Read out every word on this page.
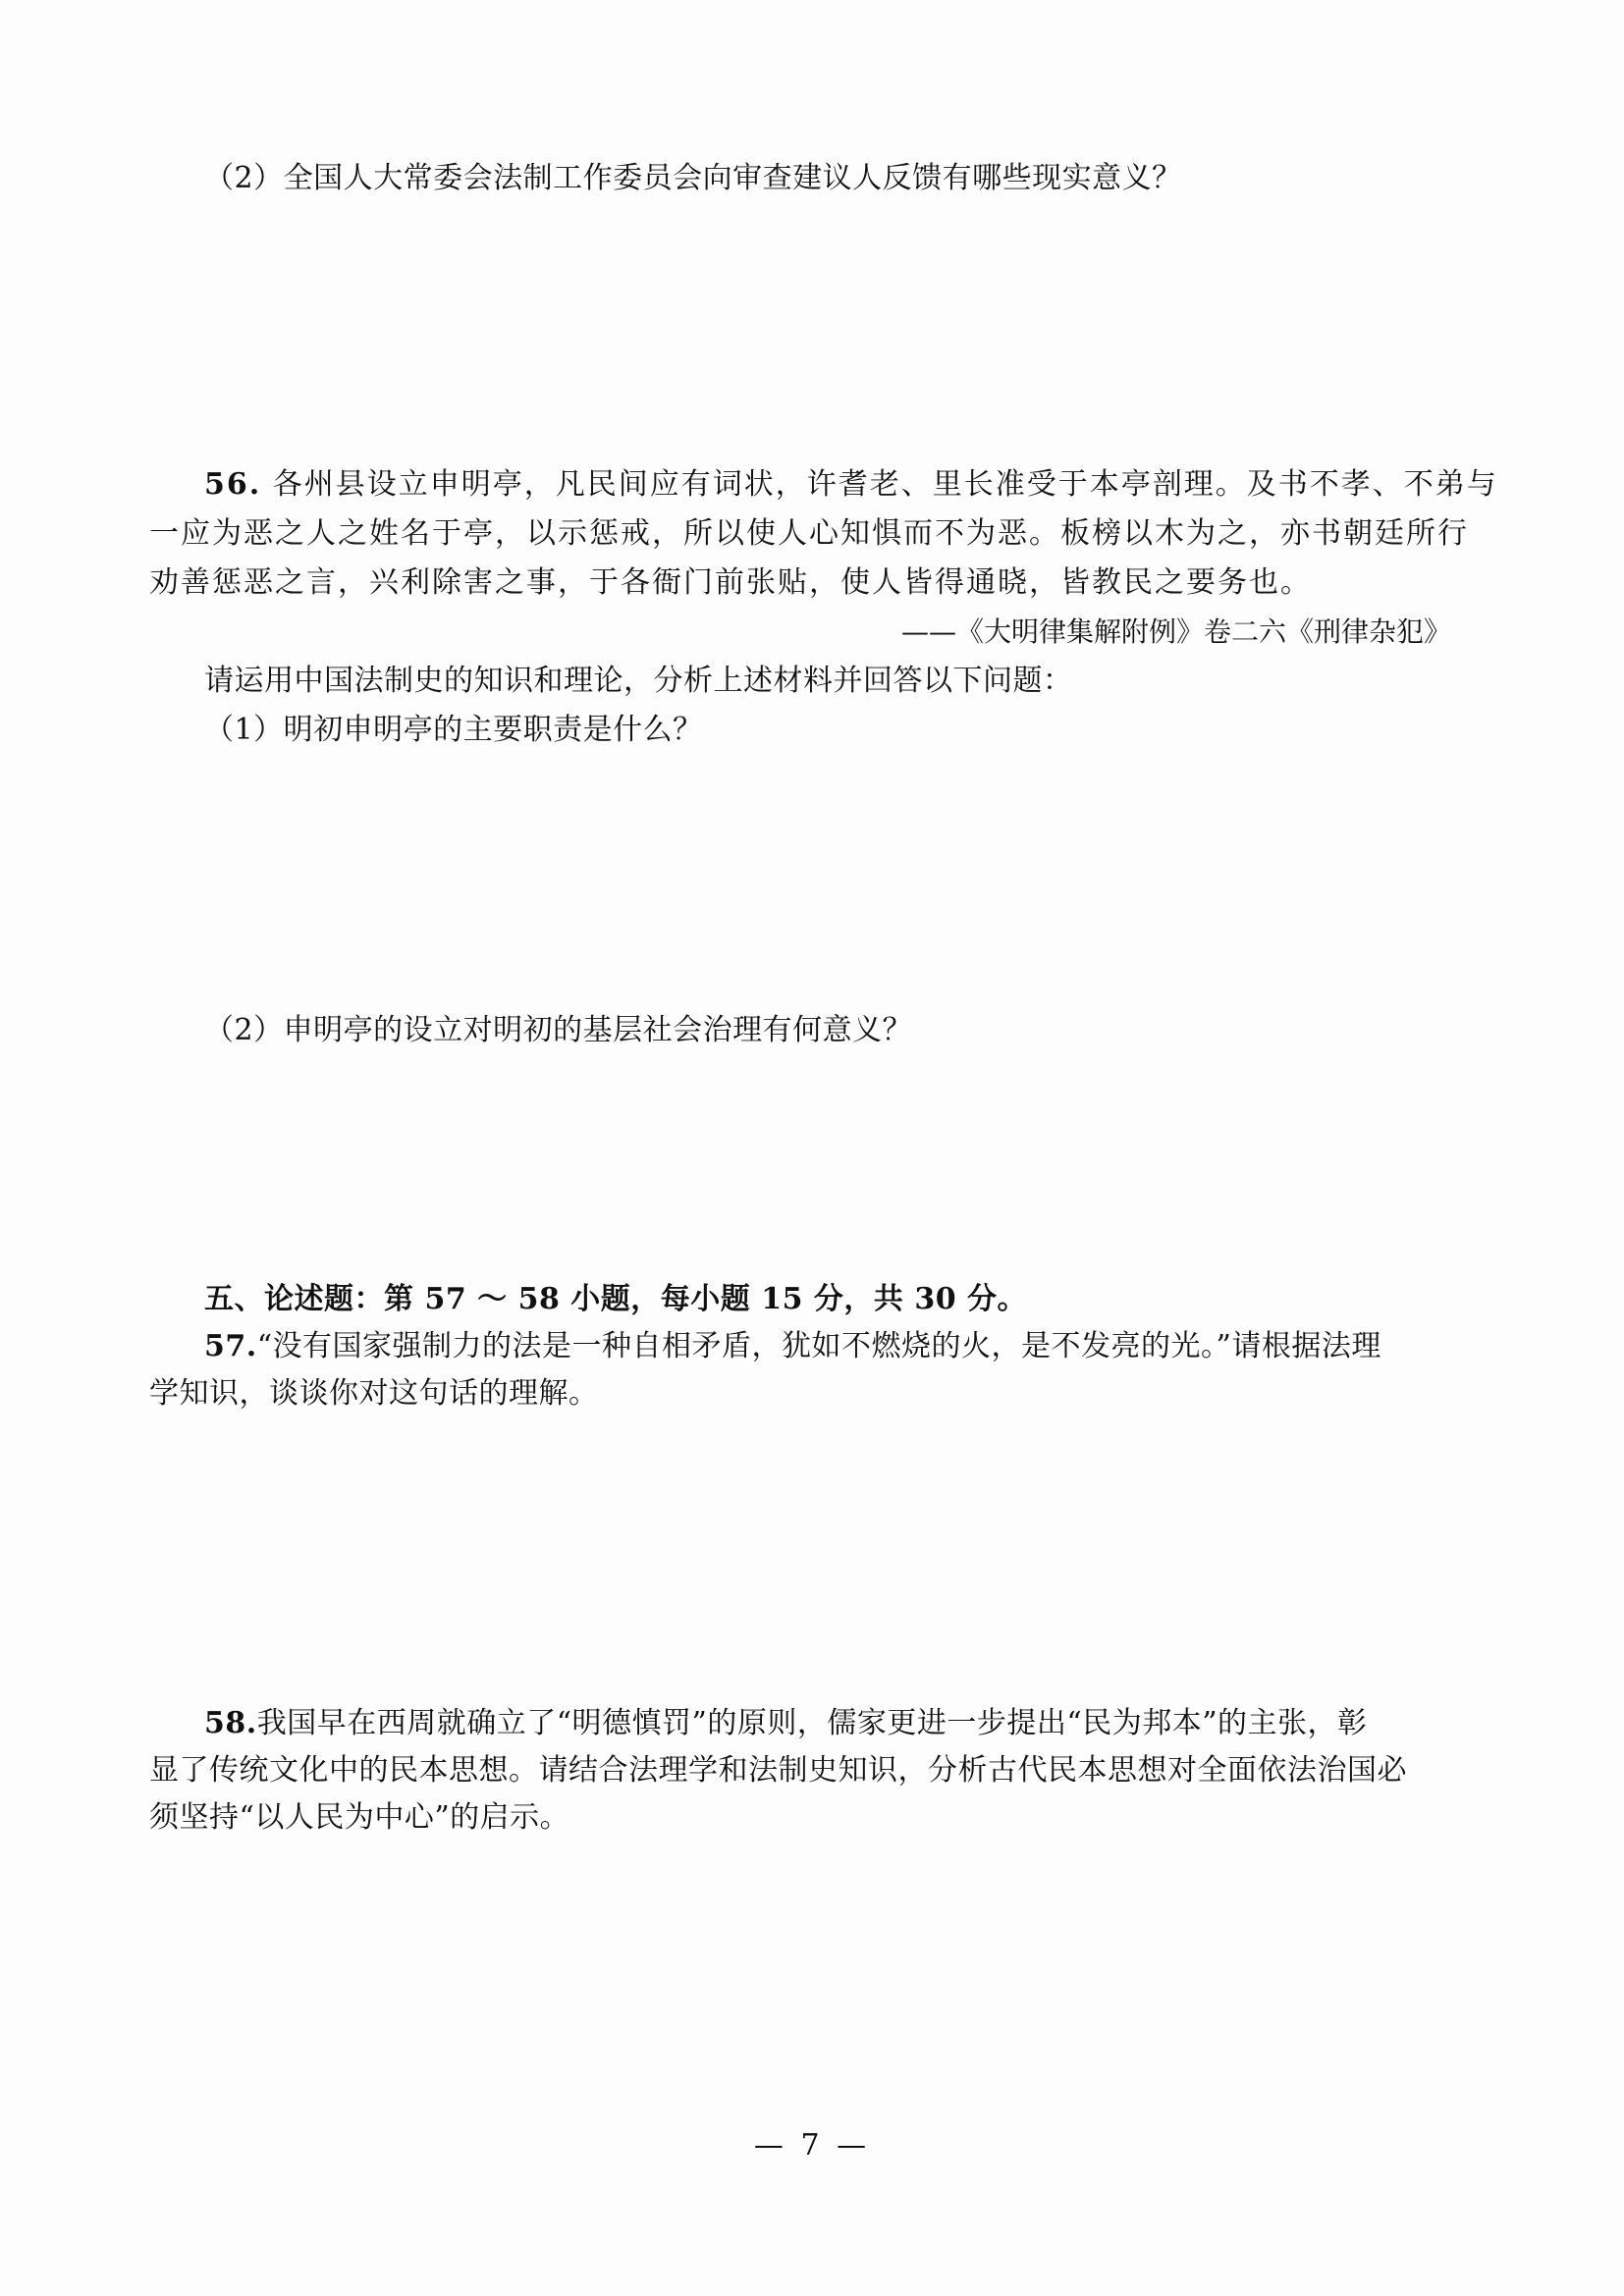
（2）全国人大常委会法制工作委员会向审查建议人反馈有哪些现实意义？
56. 各州县设立申明亭，凡民间应有词状，许耆老、里长准受于本亭剖理。及书不孝、不弟与
一应为恶之人之姓名于亭，以示惩戒，所以使人心知惧而不为恶。板榜以木为之，亦书朝廷所行
劝善惩恶之言，兴利除害之事，于各衙门前张贴，使人皆得通晓，皆教民之要务也。
——《大明律集解附例》卷二六《刑律杂犯》
请运用中国法制史的知识和理论，分析上述材料并回答以下问题：
（1）明初申明亭的主要职责是什么？
（2）申明亭的设立对明初的基层社会治理有何意义？
五、论述题：第 57 ～ 58 小题，每小题 15 分，共 30 分。
57.“没有国家强制力的法是一种自相矛盾，犹如不燃烧的火，是不发亮的光。”请根据法理
学知识，谈谈你对这句话的理解。
58.我国早在西周就确立了“明德慎罚”的原则，儒家更进一步提出“民为邦本”的主张，彰
显了传统文化中的民本思想。请结合法理学和法制史知识，分析古代民本思想对全面依法治国必
须坚持“以人民为中心”的启示。
— 7 —
